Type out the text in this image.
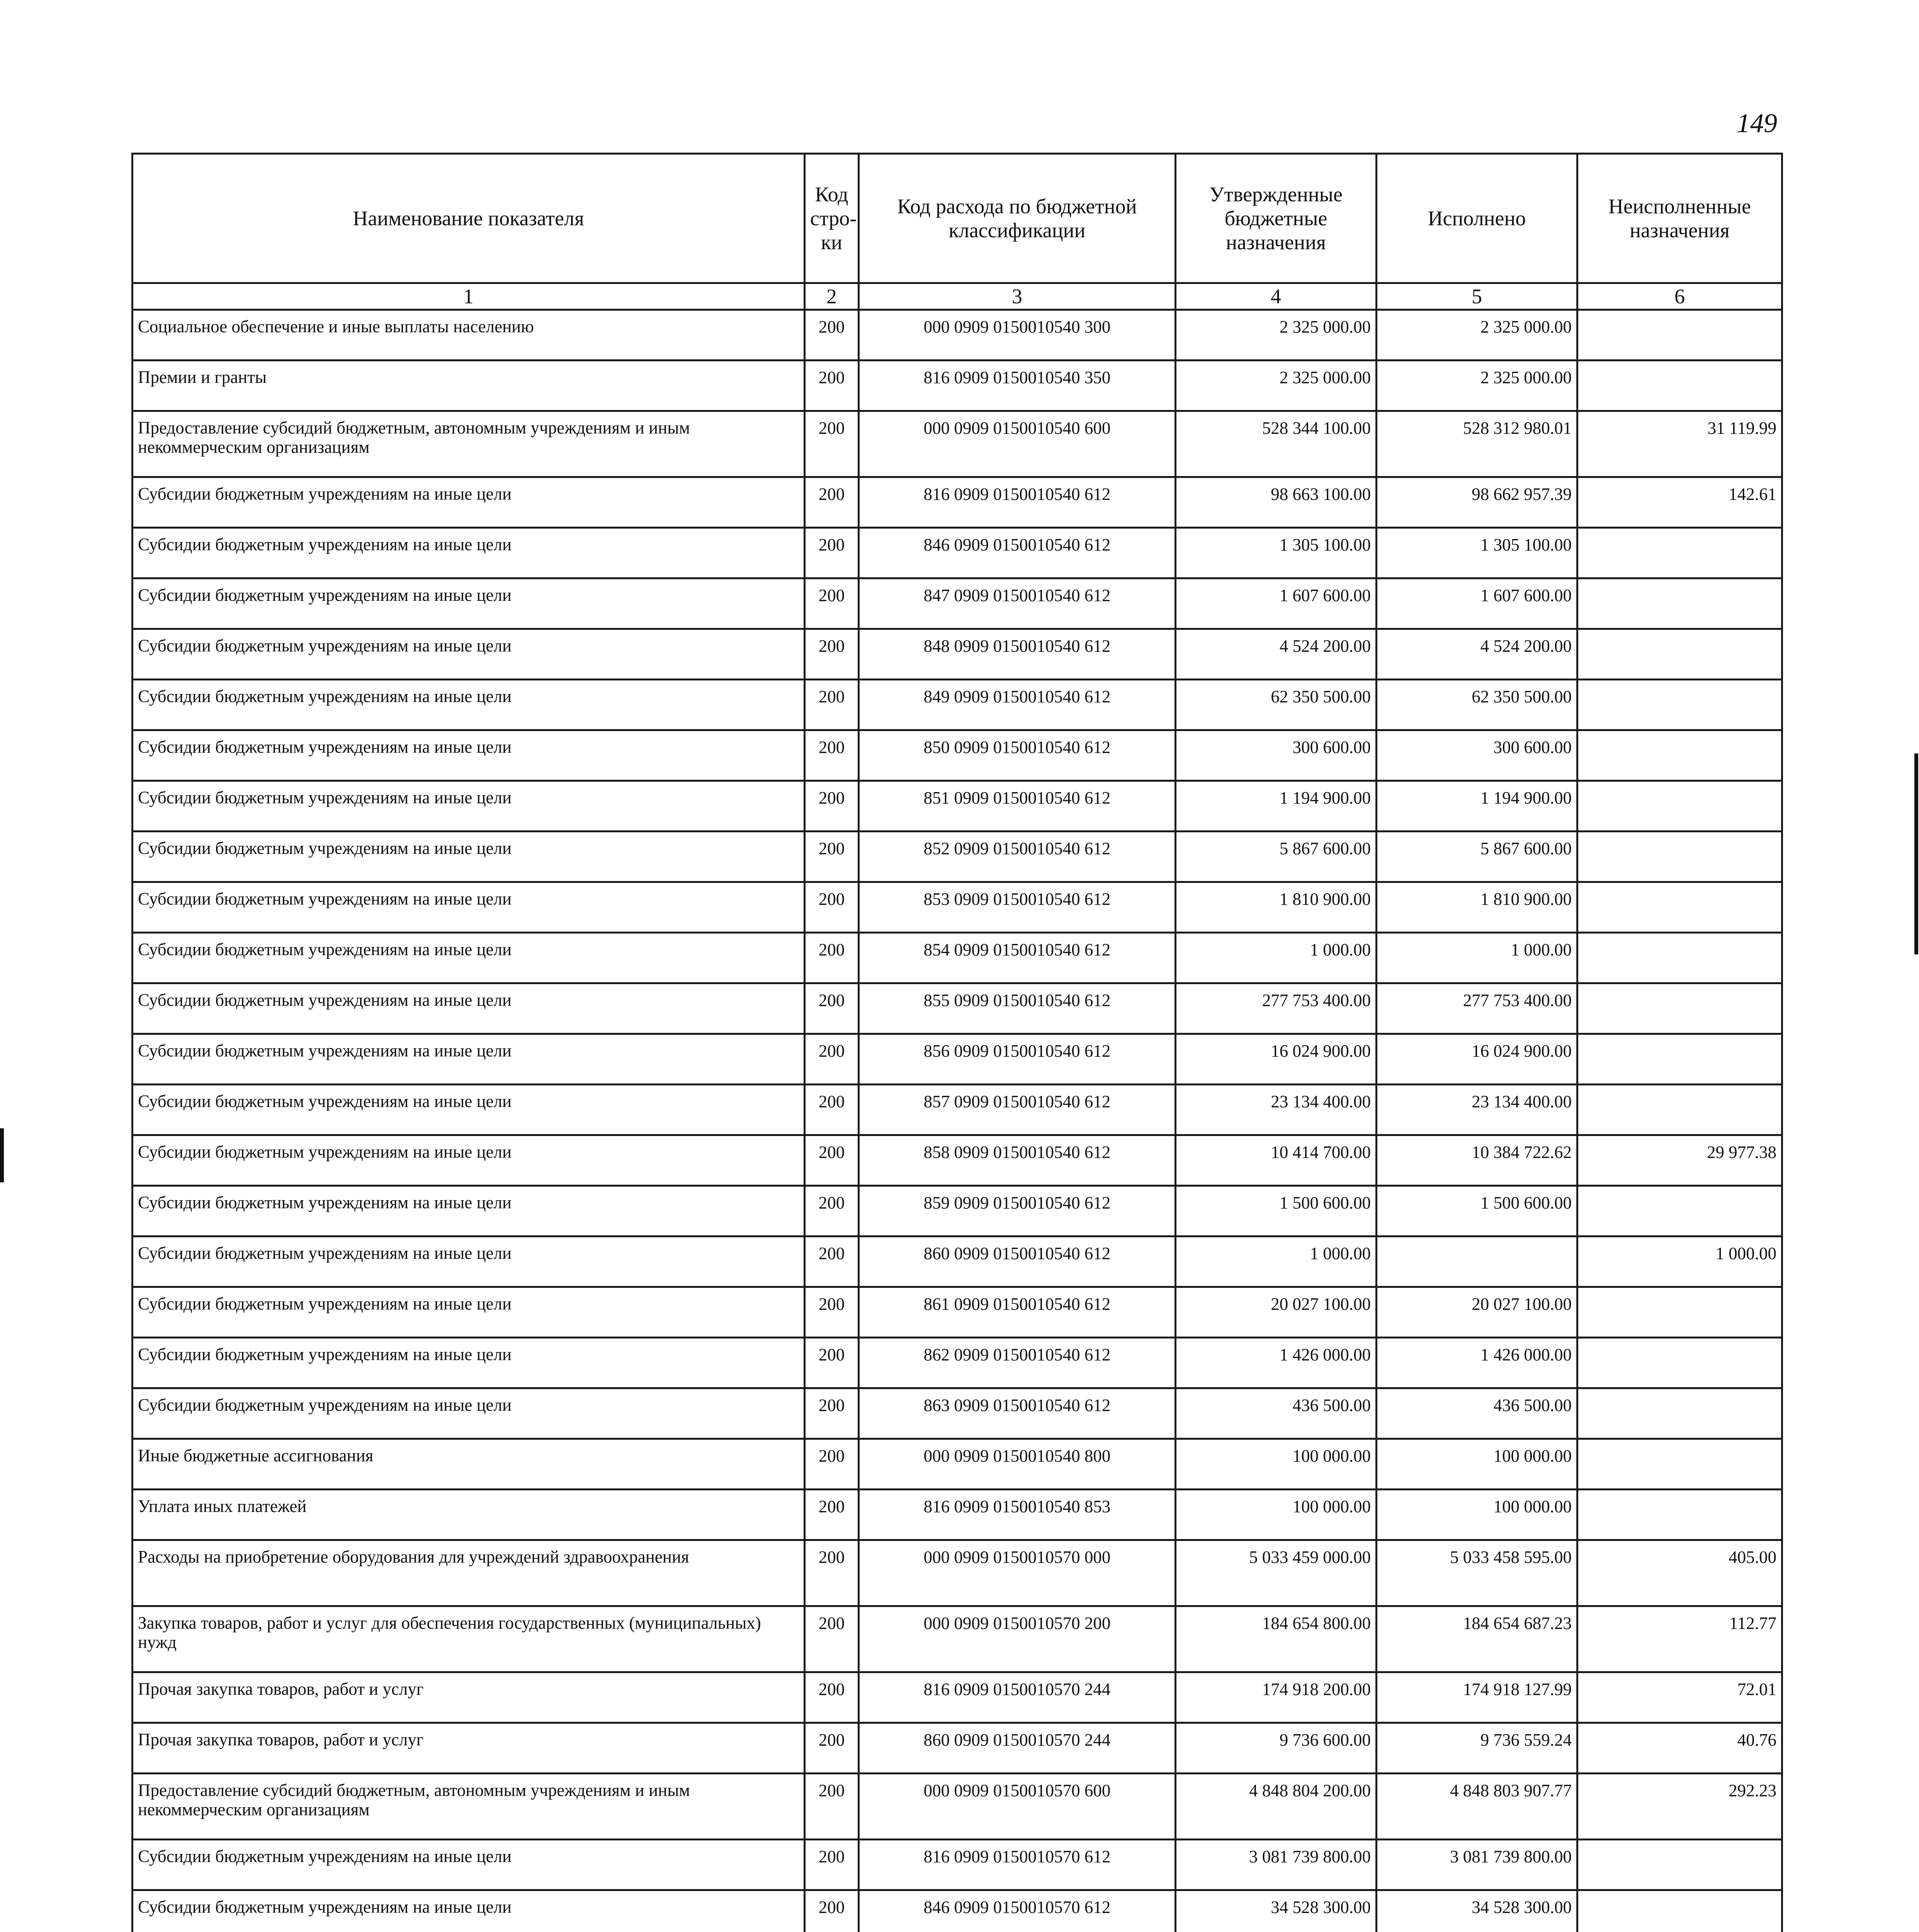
149
Наименование показателя	Код стро-ки	Код расхода по бюджетной классификации	Утвержденные бюджетные назначения	Исполнено	Неисполненные назначения
1	2	3	4	5	6
Социальное обеспечение и иные выплаты населению	200	000 0909 0150010540 300	2 325 000.00	2 325 000.00	
Премии и гранты	200	816 0909 0150010540 350	2 325 000.00	2 325 000.00	
Предоставление субсидий бюджетным, автономным учреждениям и иным некоммерческим организациям	200	000 0909 0150010540 600	528 344 100.00	528 312 980.01	31 119.99
Субсидии бюджетным учреждениям на иные цели	200	816 0909 0150010540 612	98 663 100.00	98 662 957.39	142.61
Субсидии бюджетным учреждениям на иные цели	200	846 0909 0150010540 612	1 305 100.00	1 305 100.00	
Субсидии бюджетным учреждениям на иные цели	200	847 0909 0150010540 612	1 607 600.00	1 607 600.00	
Субсидии бюджетным учреждениям на иные цели	200	848 0909 0150010540 612	4 524 200.00	4 524 200.00	
Субсидии бюджетным учреждениям на иные цели	200	849 0909 0150010540 612	62 350 500.00	62 350 500.00	
Субсидии бюджетным учреждениям на иные цели	200	850 0909 0150010540 612	300 600.00	300 600.00	
Субсидии бюджетным учреждениям на иные цели	200	851 0909 0150010540 612	1 194 900.00	1 194 900.00	
Субсидии бюджетным учреждениям на иные цели	200	852 0909 0150010540 612	5 867 600.00	5 867 600.00	
Субсидии бюджетным учреждениям на иные цели	200	853 0909 0150010540 612	1 810 900.00	1 810 900.00	
Субсидии бюджетным учреждениям на иные цели	200	854 0909 0150010540 612	1 000.00	1 000.00	
Субсидии бюджетным учреждениям на иные цели	200	855 0909 0150010540 612	277 753 400.00	277 753 400.00	
Субсидии бюджетным учреждениям на иные цели	200	856 0909 0150010540 612	16 024 900.00	16 024 900.00	
Субсидии бюджетным учреждениям на иные цели	200	857 0909 0150010540 612	23 134 400.00	23 134 400.00	
Субсидии бюджетным учреждениям на иные цели	200	858 0909 0150010540 612	10 414 700.00	10 384 722.62	29 977.38
Субсидии бюджетным учреждениям на иные цели	200	859 0909 0150010540 612	1 500 600.00	1 500 600.00	
Субсидии бюджетным учреждениям на иные цели	200	860 0909 0150010540 612	1 000.00		1 000.00
Субсидии бюджетным учреждениям на иные цели	200	861 0909 0150010540 612	20 027 100.00	20 027 100.00	
Субсидии бюджетным учреждениям на иные цели	200	862 0909 0150010540 612	1 426 000.00	1 426 000.00	
Субсидии бюджетным учреждениям на иные цели	200	863 0909 0150010540 612	436 500.00	436 500.00	
Иные бюджетные ассигнования	200	000 0909 0150010540 800	100 000.00	100 000.00	
Уплата иных платежей	200	816 0909 0150010540 853	100 000.00	100 000.00	
Расходы на приобретение оборудования для учреждений здравоохранения	200	000 0909 0150010570 000	5 033 459 000.00	5 033 458 595.00	405.00
Закупка товаров, работ и услуг для обеспечения государственных (муниципальных) нужд	200	000 0909 0150010570 200	184 654 800.00	184 654 687.23	112.77
Прочая закупка товаров, работ и услуг	200	816 0909 0150010570 244	174 918 200.00	174 918 127.99	72.01
Прочая закупка товаров, работ и услуг	200	860 0909 0150010570 244	9 736 600.00	9 736 559.24	40.76
Предоставление субсидий бюджетным, автономным учреждениям и иным некоммерческим организациям	200	000 0909 0150010570 600	4 848 804 200.00	4 848 803 907.77	292.23
Субсидии бюджетным учреждениям на иные цели	200	816 0909 0150010570 612	3 081 739 800.00	3 081 739 800.00	
Субсидии бюджетным учреждениям на иные цели	200	846 0909 0150010570 612	34 528 300.00	34 528 300.00	
